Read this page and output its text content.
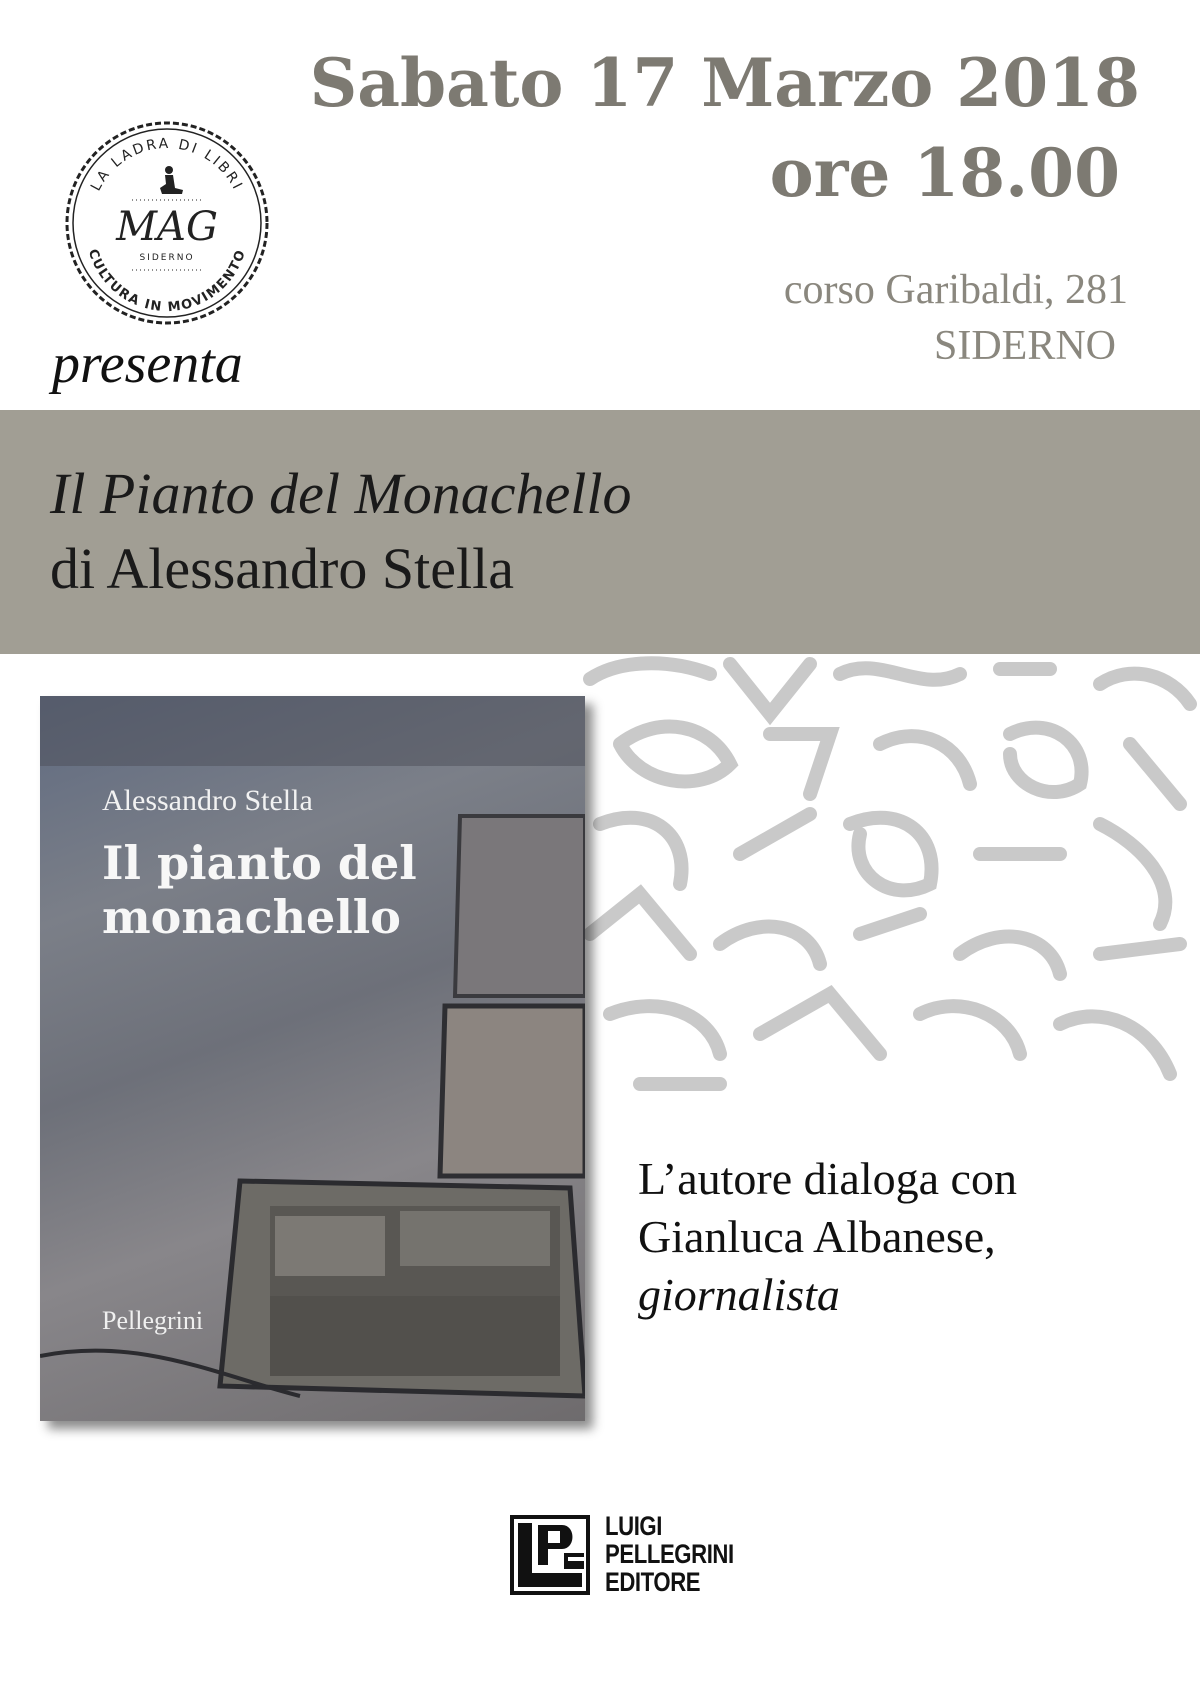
Sabato 17 Marzo 2018
ore 18.00
corso Garibaldi, 281
SIDERNO
LA LADRA DI LIBRI
CULTURA IN MOVIMENTO
MAG
SIDERNO
presenta
Il Pianto del Monachello
di Alessandro Stella
Alessandro Stella
Il pianto del monachello
Pellegrini
L’autore dialoga con
Gianluca Albanese,
giornalista
LUIGI
PELLEGRINI
EDITORE
